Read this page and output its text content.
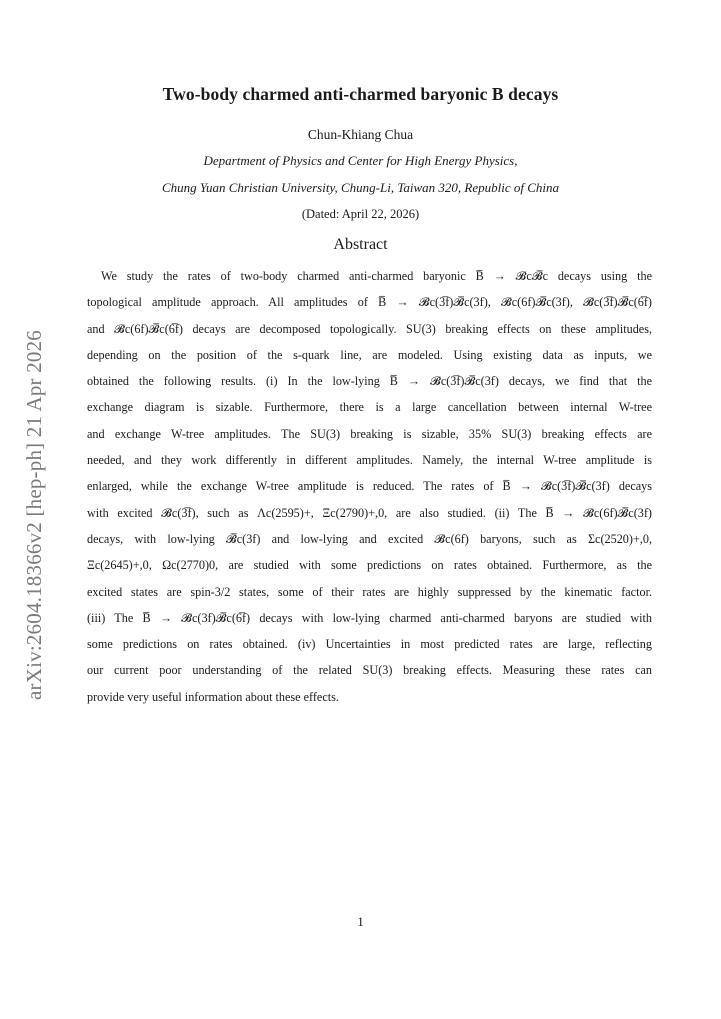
Two-body charmed anti-charmed baryonic B decays
Chun-Khiang Chua
Department of Physics and Center for High Energy Physics,
Chung Yuan Christian University, Chung-Li, Taiwan 320, Republic of China
(Dated: April 22, 2026)
Abstract
We study the rates of two-body charmed anti-charmed baryonic B̅ → 𝓑c𝓑̅c decays using the
topological amplitude approach. All amplitudes of B̅ → 𝓑c(3̅f)𝓑̅c(3f), 𝓑c(6f)𝓑̅c(3f), 𝓑c(3̅f)𝓑̅c(6̅f)
and 𝓑c(6f)𝓑̅c(6̅f) decays are decomposed topologically. SU(3) breaking effects on these amplitudes,
depending on the position of the s-quark line, are modeled. Using existing data as inputs, we
obtained the following results. (i) In the low-lying B̅ → 𝓑c(3̅f)𝓑̅c(3f) decays, we find that the
exchange diagram is sizable. Furthermore, there is a large cancellation between internal W-tree
and exchange W-tree amplitudes. The SU(3) breaking is sizable, 35% SU(3) breaking effects are
needed, and they work differently in different amplitudes. Namely, the internal W-tree amplitude is
enlarged, while the exchange W-tree amplitude is reduced. The rates of B̅ → 𝓑c(3̅f)𝓑̅c(3f) decays
with excited 𝓑c(3̅f), such as Λc(2595)+, Ξc(2790)+,0, are also studied. (ii) The B̅ → 𝓑c(6f)𝓑̅c(3f)
decays, with low-lying 𝓑̅c(3f) and low-lying and excited 𝓑c(6f) baryons, such as Σc(2520)+,0,
Ξc(2645)+,0, Ωc(2770)0, are studied with some predictions on rates obtained. Furthermore, as the
excited states are spin-3/2 states, some of their rates are highly suppressed by the kinematic factor.
(iii) The B̅ → 𝓑c(3f)𝓑̅c(6̅f) decays with low-lying charmed anti-charmed baryons are studied with
some predictions on rates obtained. (iv) Uncertainties in most predicted rates are large, reflecting
our current poor understanding of the related SU(3) breaking effects. Measuring these rates can
provide very useful information about these effects.
arXiv:2604.18366v2 [hep-ph] 21 Apr 2026
1
